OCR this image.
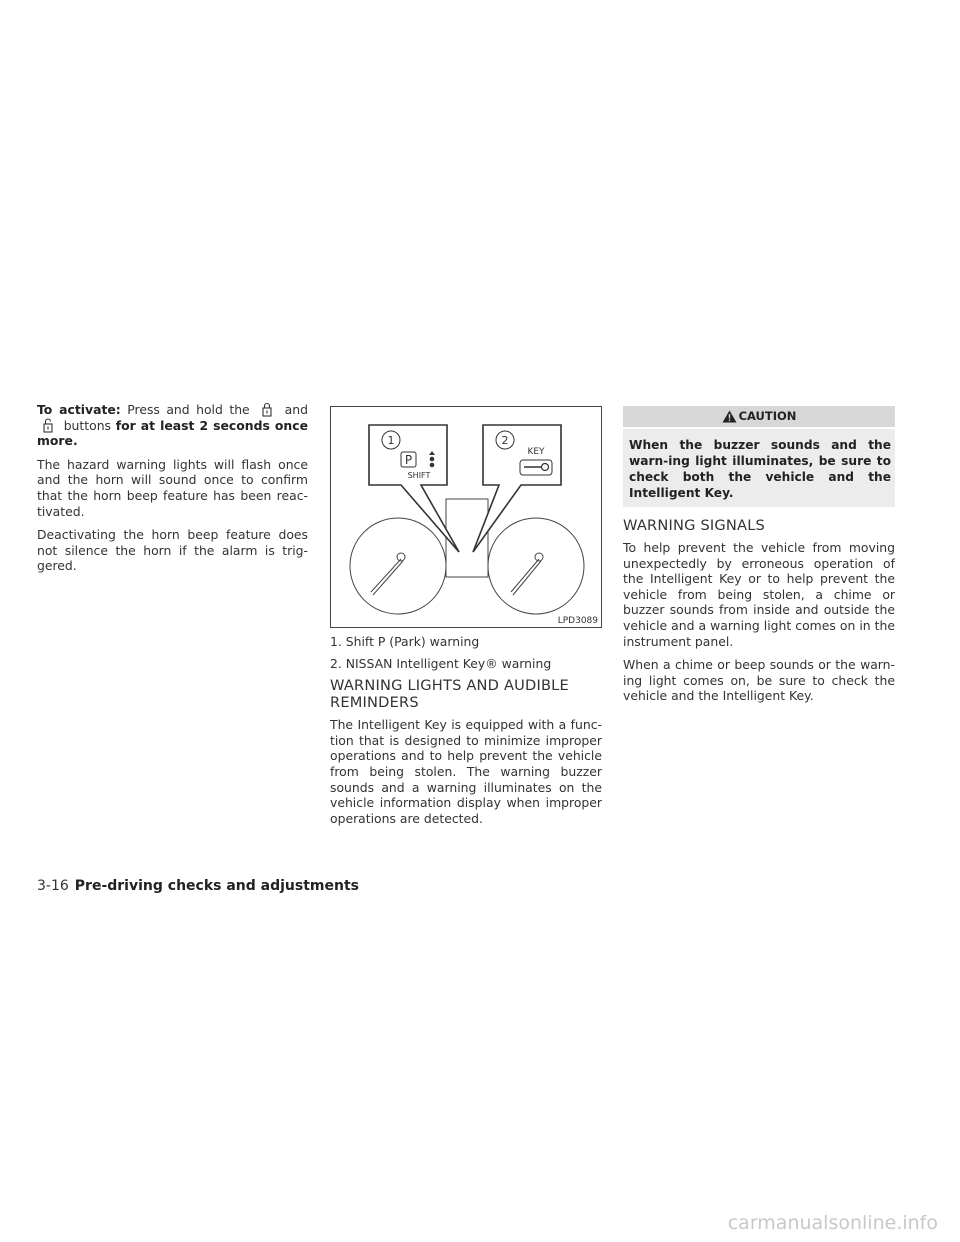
To activate: Press and hold the	and  buttons for at least 2 seconds once more.

The hazard warning lights will flash once and the horn will sound once to confirm that the horn beep feature has been reac-tivated.

Deactivating the horn beep feature does not silence the horn if the alarm is trig-gered.

1
P
SHIFT
2
KEY
LPD3089
1. Shift P (Park) warning
2. NISSAN Intelligent Key® warning
WARNING LIGHTS AND AUDIBLE REMINDERS

The Intelligent Key is equipped with a func-tion that is designed to minimize improper operations and to help prevent the vehicle from being stolen. The warning buzzer sounds and a warning illuminates on the vehicle information display when improper operations are detected.

CAUTION
When the buzzer sounds and the warn-ing light illuminates, be sure to check both the vehicle and the Intelligent Key.
WARNING SIGNALS

To help prevent the vehicle from moving unexpectedly by erroneous operation of the Intelligent Key or to help prevent the vehicle from being stolen, a chime or buzzer sounds from inside and outside the vehicle and a warning light comes on in the instrument panel.

When a chime or beep sounds or the warn-ing light comes on, be sure to check the vehicle and the Intelligent Key.

3-16 Pre-driving checks and adjustments
carmanualsonline.info
